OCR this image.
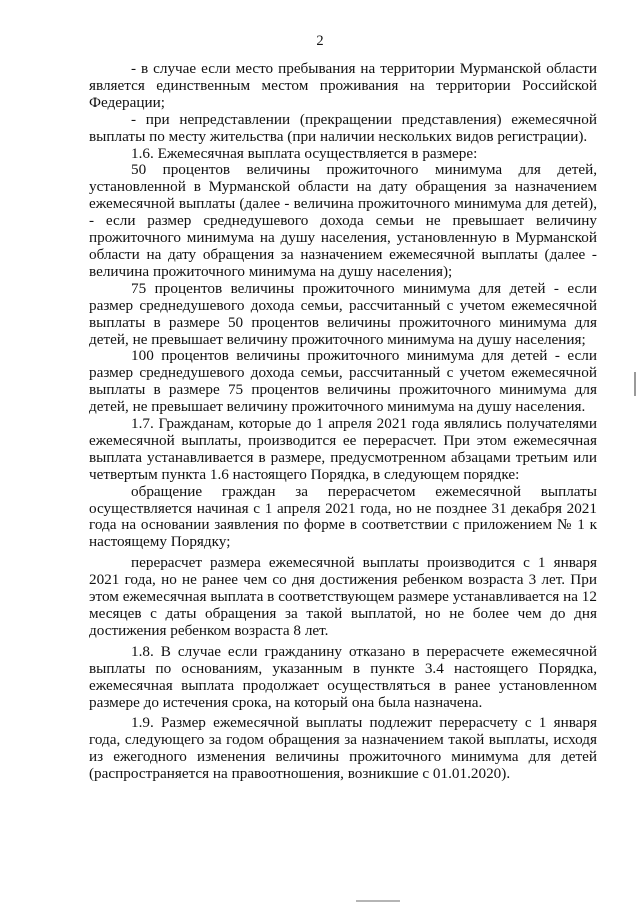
2

- в случае если место пребывания на территории Мурманской области является единственным местом проживания на территории Российской Федерации;

- при непредставлении (прекращении представления) ежемесячной выплаты по месту жительства (при наличии нескольких видов регистрации).

1.6. Ежемесячная выплата осуществляется в размере:

50 процентов величины прожиточного минимума для детей, установленной в Мурманской области на дату обращения за назначением ежемесячной выплаты (далее - величина прожиточного минимума для детей), - если размер среднедушевого дохода семьи не превышает величину прожиточного минимума на душу населения, установленную в Мурманской области на дату обращения за назначением ежемесячной выплаты (далее - величина прожиточного минимума на душу населения);

75 процентов величины прожиточного минимума для детей - если размер среднедушевого дохода семьи, рассчитанный с учетом ежемесячной выплаты в размере 50 процентов величины прожиточного минимума для детей, не превышает величину прожиточного минимума на душу населения;

100 процентов величины прожиточного минимума для детей - если размер среднедушевого дохода семьи, рассчитанный с учетом ежемесячной выплаты в размере 75 процентов величины прожиточного минимума для детей, не превышает величину прожиточного минимума на душу населения.

1.7. Гражданам, которые до 1 апреля 2021 года являлись получателями ежемесячной выплаты, производится ее перерасчет. При этом ежемесячная выплата устанавливается в размере, предусмотренном абзацами третьим или четвертым пункта 1.6 настоящего Порядка, в следующем порядке:

обращение граждан за перерасчетом ежемесячной выплаты осуществляется начиная с 1 апреля 2021 года, но не позднее 31 декабря 2021 года на основании заявления по форме в соответствии с приложением № 1 к настоящему Порядку;

перерасчет размера ежемесячной выплаты производится с 1 января 2021 года, но не ранее чем со дня достижения ребенком возраста 3 лет. При этом ежемесячная выплата в соответствующем размере устанавливается на 12 месяцев с даты обращения за такой выплатой, но не более чем до дня достижения ребенком возраста 8 лет.

1.8. В случае если гражданину отказано в перерасчете ежемесячной выплаты по основаниям, указанным в пункте 3.4 настоящего Порядка, ежемесячная выплата продолжает осуществляться в ранее установленном размере до истечения срока, на который она была назначена.

1.9. Размер ежемесячной выплаты подлежит перерасчету с 1 января года, следующего за годом обращения за назначением такой выплаты, исходя из ежегодного изменения величины прожиточного минимума для детей (распространяется на правоотношения, возникшие с 01.01.2020).
